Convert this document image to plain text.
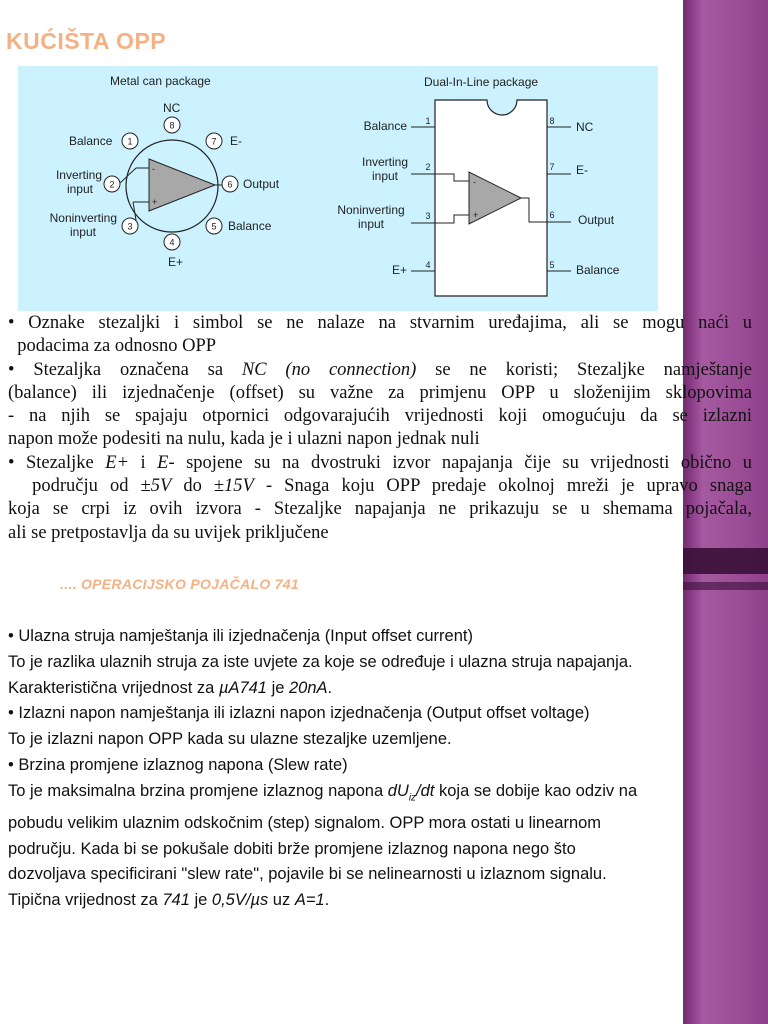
KUĆIŠTA OPP
Metal can package
-
+
1
2
3
4
5
6
7
8
NC
Balance	E-
Inverting
input	Output
Noninverting
input	Balance
E+
Dual-In-Line package
-
+
1
2
3
4	5
6
7
8
Balance
Inverting
input
Noninverting
input
E+
NC
E-
Output
Balance

• Oznake stezaljki i simbol se ne nalaze na stvarnim uređajima, ali se mogu naći u

podacima za odnosno OPP

• Stezaljka označena sa NC (no connection) se ne koristi; Stezaljke namještanje

(balance) ili izjednačenje (offset) su važne za primjenu OPP u složenijim sklopovima

- na njih se spajaju otpornici odgovarajućih vrijednosti koji omogućuju da se izlazni

napon može podesiti na nulu, kada je i ulazni napon jednak nuli

• Stezaljke E+ i E- spojene su na dvostruki izvor napajanja čije su vrijednosti obično u

području od ±5V do ±15V - Snaga koju OPP predaje okolnoj mreži je upravo snaga

koja se crpi iz ovih izvora - Stezaljke napajanja ne prikazuju se u shemama pojačala,

ali se pretpostavlja da su uvijek priključene

.... OPERACIJSKO POJAČALO 741

• Ulazna struja namještanja ili izjednačenja (Input offset current)

To je razlika ulaznih struja za iste uvjete za koje se određuje i ulazna struja napajanja.

Karakteristična vrijednost za µA741 je 20nA.

• Izlazni napon namještanja ili izlazni napon izjednačenja (Output offset voltage)

To je izlazni napon OPP kada su ulazne stezaljke uzemljene.

• Brzina promjene izlaznog napona (Slew rate)

To je maksimalna brzina promjene izlaznog napona $dU_{iz}/dt$ koja se dobije kao odziv na

pobudu velikim ulaznim odskočnim (step) signalom. OPP mora ostati u linearnom

području. Kada bi se pokušale dobiti brže promjene izlaznog napona nego što

dozvoljava specificirani "slew rate", pojavile bi se nelinearnosti u izlaznom signalu.

Tipična vrijednost za 741 je 0,5V/µs uz A=1.
